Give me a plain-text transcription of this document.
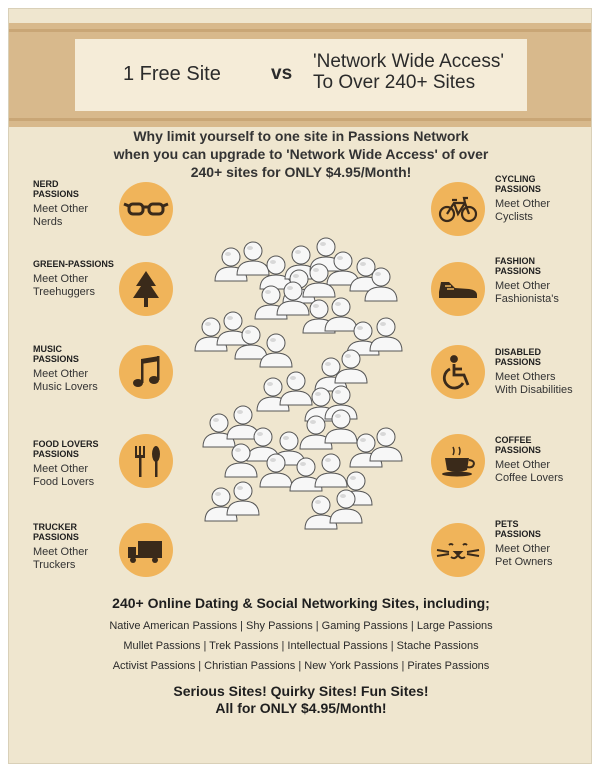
1 Free Site	vs
'Network Wide Access'
To Over 240+ Sites
Why limit yourself to one site in Passions Network
when you can upgrade to 'Network Wide Access' of over
240+ sites for ONLY $4.95/Month!
NERD
PASSIONS
Meet Other
Nerds
GREEN-PASSIONS
Meet Other
Treehuggers
MUSIC
PASSIONS
Meet Other
Music Lovers
FOOD LOVERS
PASSIONS
Meet Other
Food Lovers
TRUCKER
PASSIONS
Meet Other
Truckers
CYCLING
PASSIONS
Meet Other
Cyclists
FASHION
PASSIONS
Meet Other
Fashionista's
DISABLED
PASSIONS
Meet Others
With Disabilities
COFFEE
PASSIONS
Meet Other
Coffee Lovers
PETS
PASSIONS
Meet Other
Pet Owners
240+ Online Dating & Social Networking Sites, including;
Native American Passions | Shy Passions | Gaming Passions | Large Passions
Mullet Passions | Trek Passions | Intellectual Passions | Stache Passions
Activist Passions | Christian Passions | New York Passions | Pirates Passions
Serious Sites! Quirky Sites! Fun Sites!
All for ONLY $4.95/Month!
